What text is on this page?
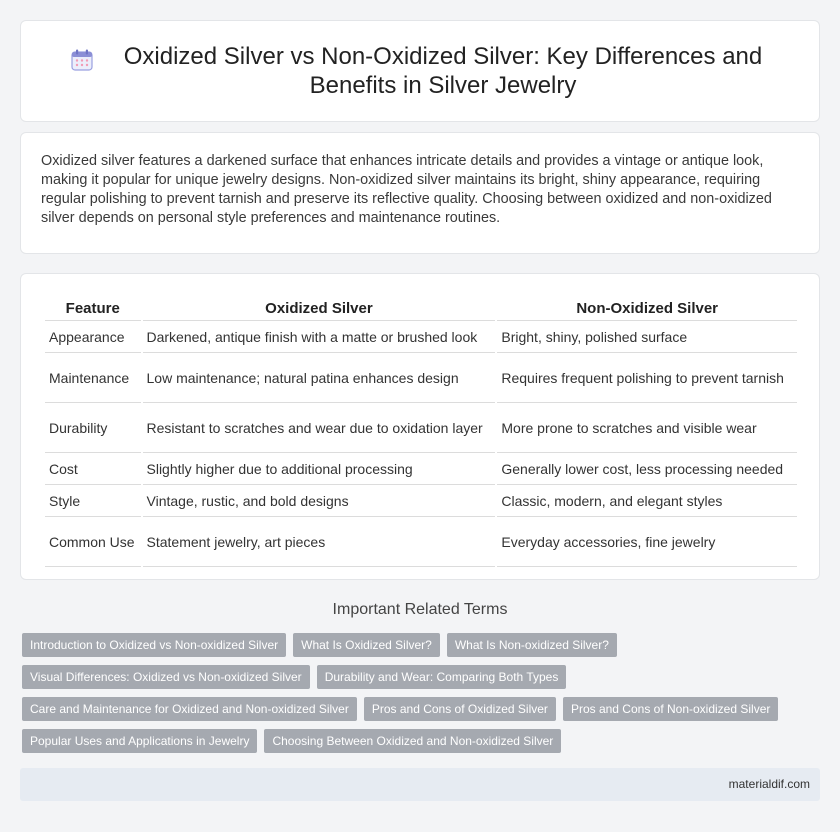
Oxidized Silver vs Non-Oxidized Silver: Key Differences and Benefits in Silver Jewelry

Oxidized silver features a darkened surface that enhances intricate details and provides a vintage or antique look, making it popular for unique jewelry designs. Non-oxidized silver maintains its bright, shiny appearance, requiring regular polishing to prevent tarnish and preserve its reflective quality. Choosing between oxidized and non-oxidized silver depends on personal style preferences and maintenance routines.

Feature	Oxidized Silver	Non-Oxidized Silver
Appearance	Darkened, antique finish with a matte or brushed look	Bright, shiny, polished surface
Maintenance	Low maintenance; natural patina enhances design	Requires frequent polishing to prevent tarnish
Durability	Resistant to scratches and wear due to oxidation layer	More prone to scratches and visible wear
Cost	Slightly higher due to additional processing	Generally lower cost, less processing needed
Style	Vintage, rustic, and bold designs	Classic, modern, and elegant styles
Common Use	Statement jewelry, art pieces	Everyday accessories, fine jewelry
Important Related Terms
Introduction to Oxidized vs Non-oxidized Silver	What Is Oxidized Silver?	What Is Non-oxidized Silver?
Visual Differences: Oxidized vs Non-oxidized Silver	Durability and Wear: Comparing Both Types
Care and Maintenance for Oxidized and Non-oxidized Silver	Pros and Cons of Oxidized Silver	Pros and Cons of Non-oxidized Silver
Popular Uses and Applications in Jewelry	Choosing Between Oxidized and Non-oxidized Silver
materialdif.com
